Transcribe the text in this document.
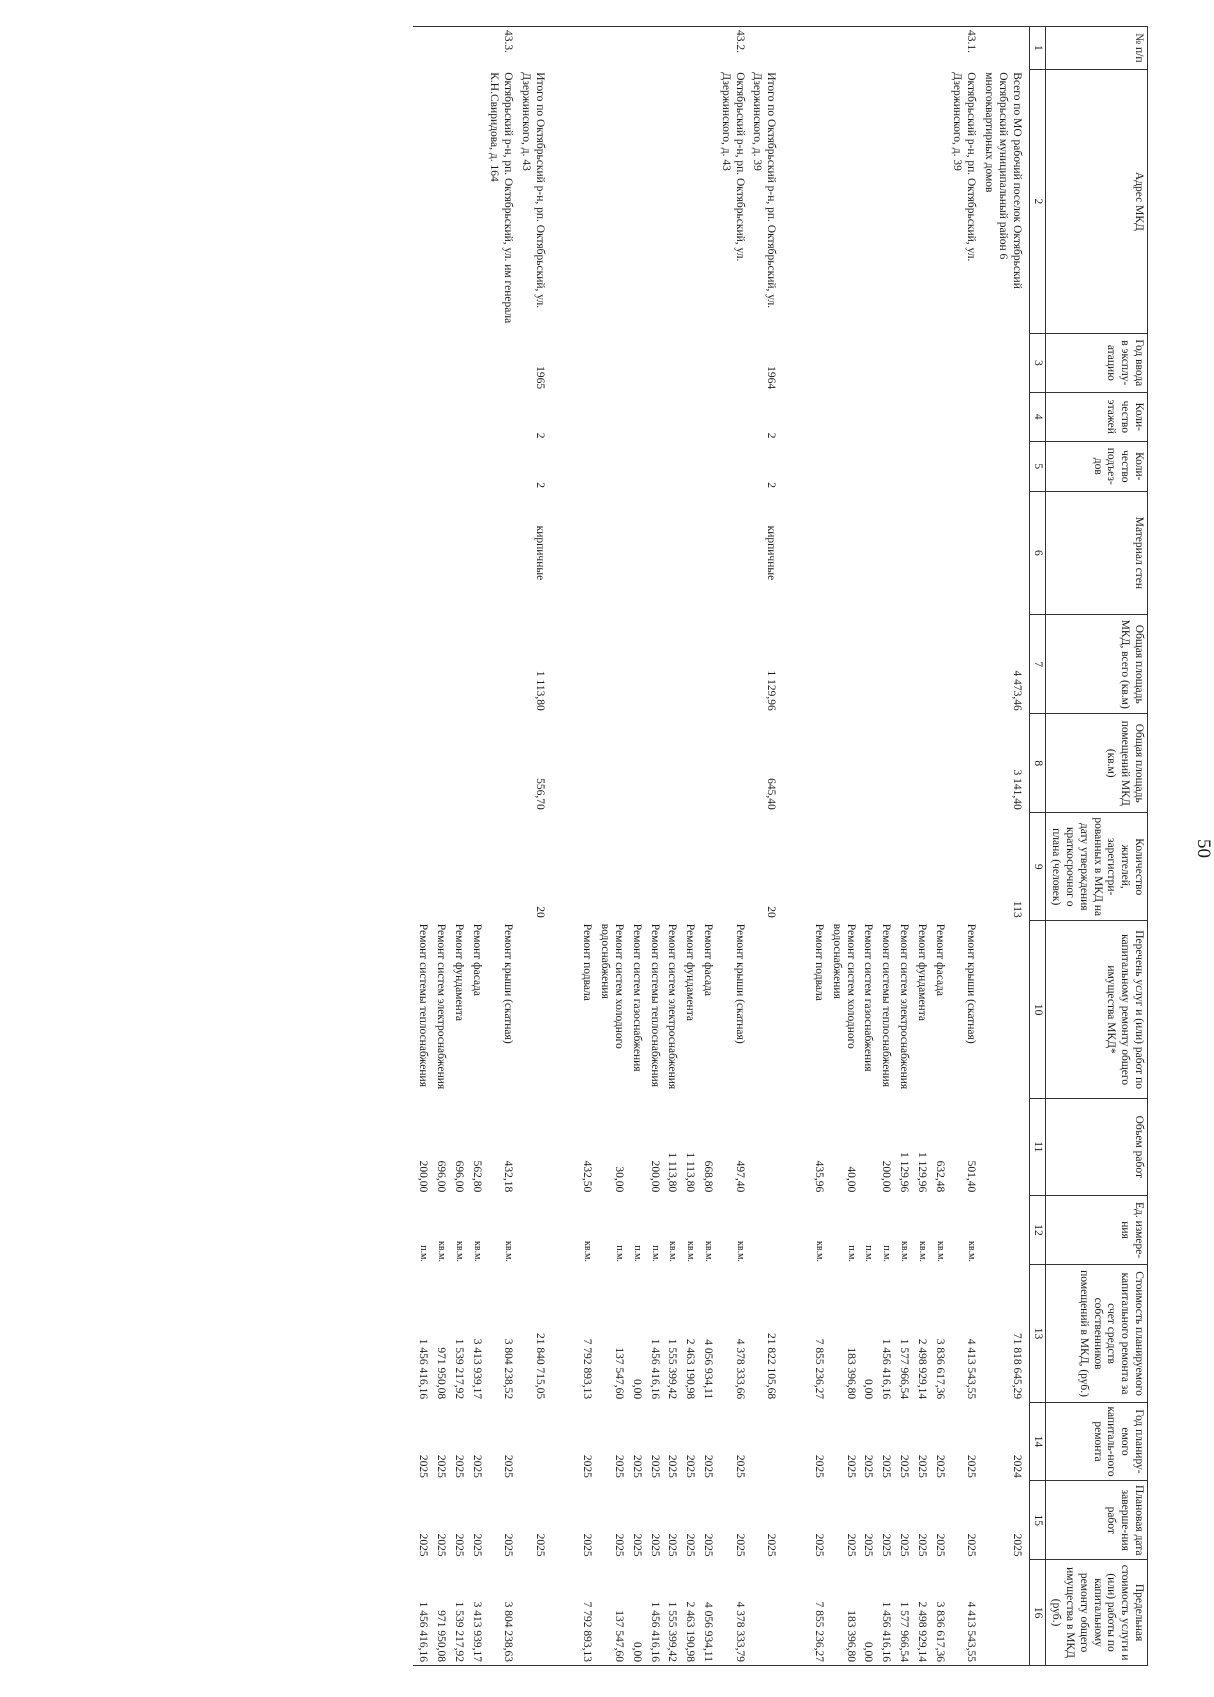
50
№ п/п	Адрес МКД	Год ввода в эксплу-атацию	Коли-чество этажей	Коли-чество подъез-дов	Материал стен	Общая площадь МКД, всего (кв.м)	Общая площадь помещений МКД (кв.м)	Количество жителей, зарегистри-рованных в МКД на дату утверждения краткосрочног о плана (человек)	Перечень услуг и (или) работ по капитальному ремонту общего имущества МКД*	Объем работ	Ед. измере-ния	Стоимость планируемого капитального ремонта за счет средств собственников помещений в МКД, (руб.)	Год планиру-емого капиталь-ного ремонта	Плановая дата заверше-ния работ	Предельная стоимость услуги и (или) работы по капитальному ремонту общего имущества в МКД (руб.)
1	2	3	4	5	6	7	8	9	10	11	12	13	14	15	16
	Всего по МО рабочий поселок Октябрьский Октябрьский муниципальный район 6 многоквартирных домов					4 473,46	3 141,40	113				71 818 645,29	2024	2025	
43.1.	Октябрьский р-н, рп. Октябрьский, ул. Дзержинского, д. 39								Ремонт крыши (скатная)	501,40	кв.м.	4 413 543,55	2025	2025	4 413 543,55
									Ремонт фасада	632,48	кв.м.	3 836 617,36	2025	2025	3 836 617,36
									Ремонт фундамента	1 129,96	кв.м.	2 498 929,14	2025	2025	2 498 929,14
									Ремонт систем электроснабжения	1 129,96	кв.м.	1 577 966,54	2025	2025	1 577 966,54
									Ремонт системы теплоснабжения	200,00	п.м.	1 456 416,16	2025	2025	1 456 416,16
									Ремонт систем газоснабжения		п.м.	0,00	2025	2025	0,00
									Ремонт систем холодного водоснабжения	40,00	п.м.	183 396,80	2025	2025	183 396,80
									Ремонт подвала	435,96	кв.м.	7 855 236,27	2025	2025	7 855 236,27

	Итого по Октябрьский р-н, рп. Октябрьский, ул. Дзержинского, д. 39	1964	2	2	кирпичные	1 129,96	645,40	20				21 822 105,68		2025	
43.2.	Октябрьский р-н, рп. Октябрьский, ул. Дзержинского, д. 43								Ремонт крыши (скатная)	497,40	кв.м.	4 378 333,66	2025	2025	4 378 333,79
									Ремонт фасада	668,80	кв.м.	4 056 934,11	2025	2025	4 056 934,11
									Ремонт фундамента	1 113,80	кв.м.	2 463 190,98	2025	2025	2 463 190,98
									Ремонт систем электроснабжения	1 113,80	кв.м.	1 555 399,42	2025	2025	1 555 399,42
									Ремонт системы теплоснабжения	200,00	п.м.	1 456 416,16	2025	2025	1 456 416,16
									Ремонт систем газоснабжения		п.м.	0,00	2025	2025	0,00
									Ремонт систем холодного водоснабжения	30,00	п.м.	137 547,60	2025	2025	137 547,60
									Ремонт подвала	432,50	кв.м.	7 792 893,13	2025	2025	7 792 893,13

	Итого по Октябрьский р-н, рп. Октябрьский, ул. Дзержинского, д. 43	1965	2	2	кирпичные	1 113,80	556,70	20				21 840 715,05		2025	
43.3.	Октябрьский р-н, рп. Октябрьский, ул. им генерала К.Н.Свиридова, д. 164								Ремонт крыши (скатная)	432,18	кв.м.	3 804 238,52	2025	2025	3 804 238,63
									Ремонт фасада	562,80	кв.м.	3 413 939,17	2025	2025	3 413 939,17
									Ремонт фундамента	696,00	кв.м.	1 539 217,92	2025	2025	1 539 217,92
									Ремонт систем электроснабжения	696,00	кв.м.	971 950,08	2025	2025	971 950,08
									Ремонт системы теплоснабжения	200,00	п.м.	1 456 416,16	2025	2025	1 456 416,16
